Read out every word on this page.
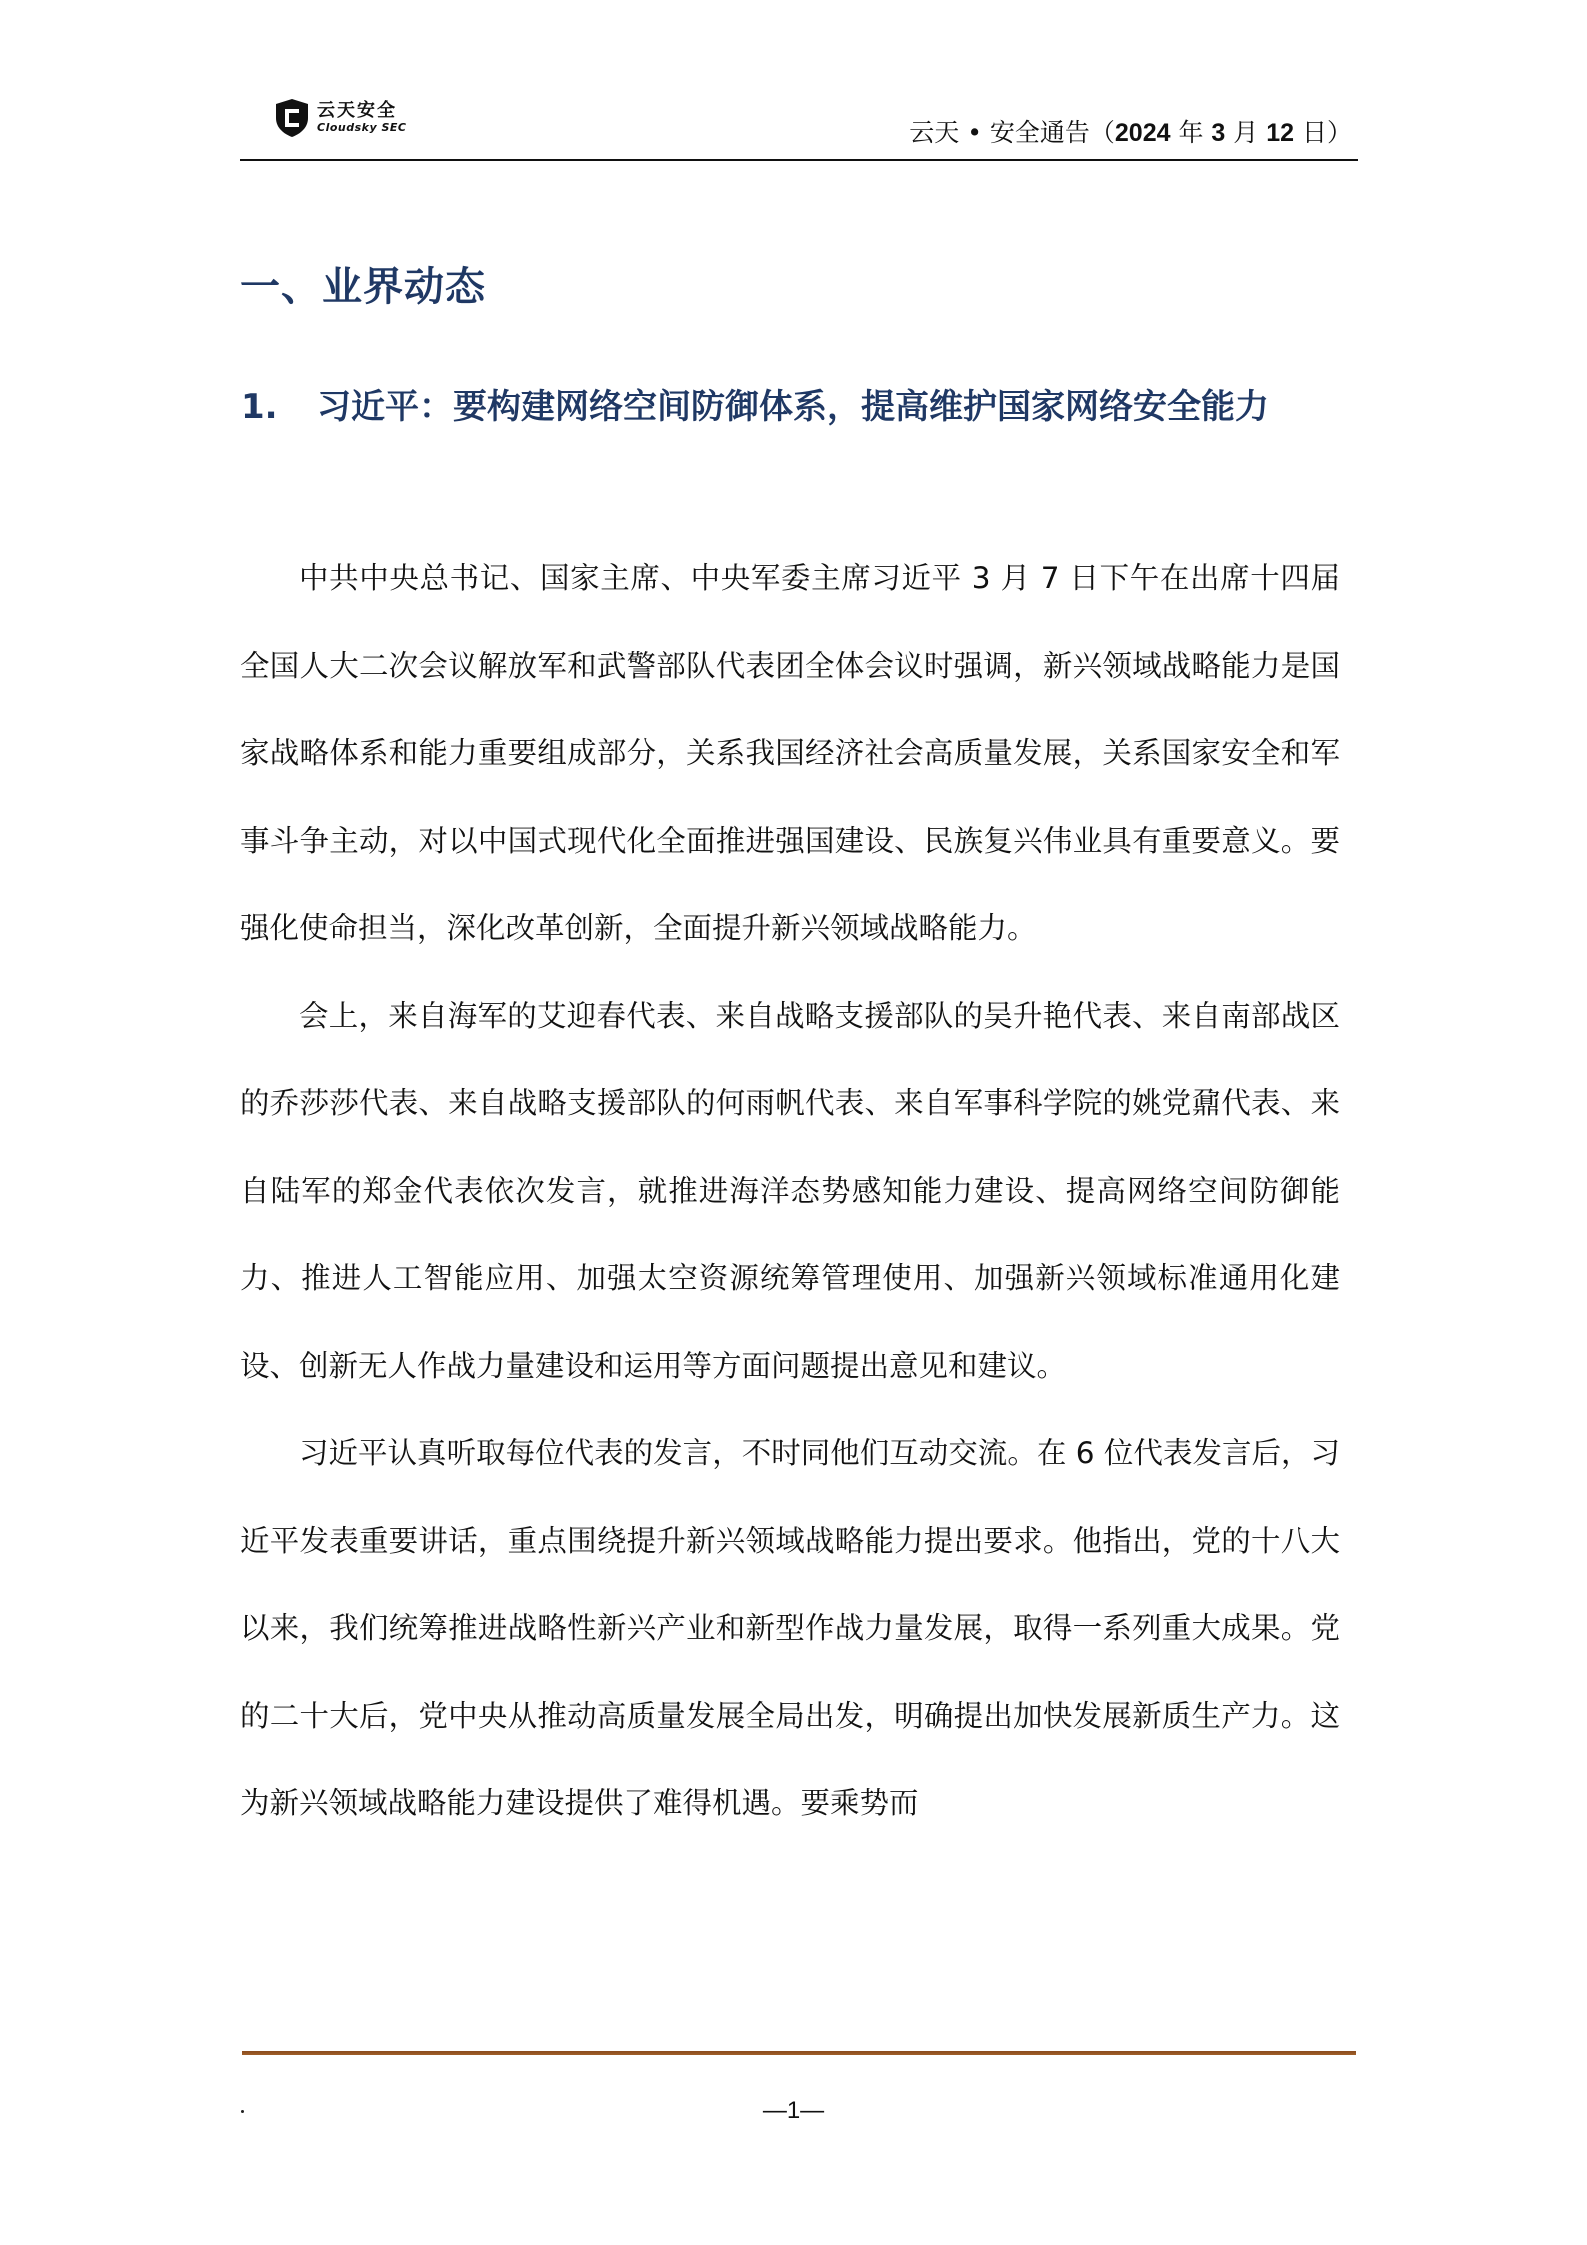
云天安全
Cloudsky SEC	云天 • 安全通告（2024 年 3 月 12 日）
一、业界动态
1. 习近平：要构建网络空间防御体系，提高维护国家网络安全能力

中共中央总书记、国家主席、中央军委主席习近平 3 月 7 日下午在出席十四届全国人大二次会议解放军和武警部队代表团全体会议时强调，新兴领域战略能力是国家战略体系和能力重要组成部分，关系我国经济社会高质量发展，关系国家安全和军事斗争主动，对以中国式现代化全面推进强国建设、民族复兴伟业具有重要意义。要强化使命担当，深化改革创新，全面提升新兴领域战略能力。

会上，来自海军的艾迎春代表、来自战略支援部队的吴升艳代表、来自南部战区的乔莎莎代表、来自战略支援部队的何雨帆代表、来自军事科学院的姚党鼐代表、来自陆军的郑金代表依次发言，就推进海洋态势感知能力建设、提高网络空间防御能力、推进人工智能应用、加强太空资源统筹管理使用、加强新兴领域标准通用化建设、创新无人作战力量建设和运用等方面问题提出意见和建议。

习近平认真听取每位代表的发言，不时同他们互动交流。在 6 位代表发言后，习近平发表重要讲话，重点围绕提升新兴领域战略能力提出要求。他指出，党的十八大以来，我们统筹推进战略性新兴产业和新型作战力量发展，取得一系列重大成果。党的二十大后，党中央从推动高质量发展全局出发，明确提出加快发展新质生产力。这为新兴领域战略能力建设提供了难得机遇。要乘势而

—1—
